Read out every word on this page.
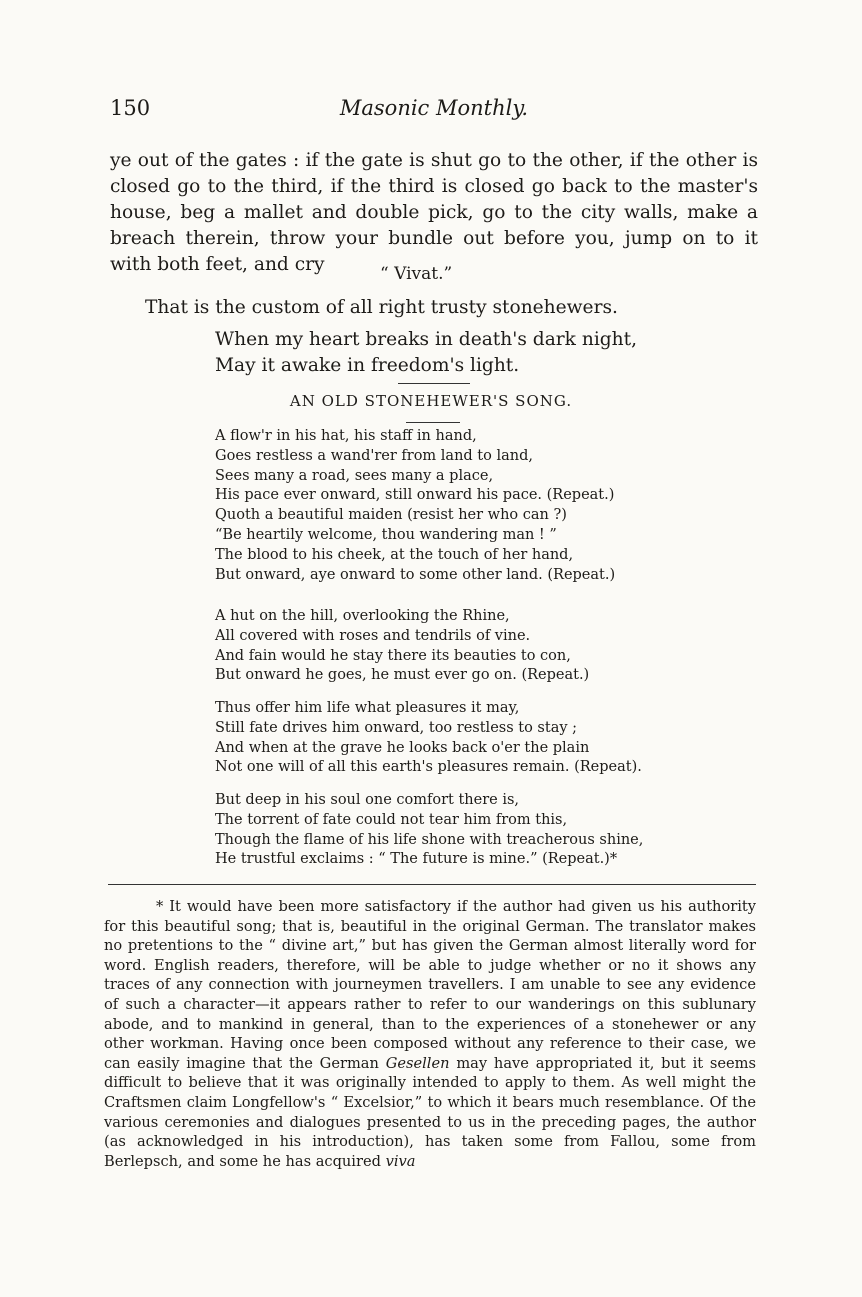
150	Masonic Monthly.

ye out of the gates : if the gate is shut go to the other, if the other is closed go to the third, if the third is closed go back to the master's house, beg a mallet and double pick, go to the city walls, make a breach therein, throw your bundle out before you, jump on to it with both feet, and cry	“ Vivat.”
That is the custom of all right trusty stonehewers.
When my heart breaks in death's dark night,
May it awake in freedom's light.
AN OLD STONEHEWER'S SONG.
A flow'r in his hat, his staff in hand,
Goes restless a wand'rer from land to land,
Sees many a road, sees many a place,
His pace ever onward, still onward his pace. (Repeat.)
Quoth a beautiful maiden (resist her who can ?)
“Be heartily welcome, thou wandering man ! ”
The blood to his cheek, at the touch of her hand,
But onward, aye onward to some other land. (Repeat.)
A hut on the hill, overlooking the Rhine,
All covered with roses and tendrils of vine.
And fain would he stay there its beauties to con,
But onward he goes, he must ever go on. (Repeat.)
Thus offer him life what pleasures it may,
Still fate drives him onward, too restless to stay ;
And when at the grave he looks back o'er the plain
Not one will of all this earth's pleasures remain. (Repeat).
But deep in his soul one comfort there is,
The torrent of fate could not tear him from this,
Though the flame of his life shone with treacherous shine,
He trustful exclaims : “ The future is mine.” (Repeat.)*

* It would have been more satisfactory if the author had given us his authority for this beautiful song; that is, beautiful in the original German. The translator makes no pretentions to the “ divine art,” but has given the German almost literally word for word. English readers, therefore, will be able to judge whether or no it shows any traces of any connection with journeymen travellers. I am unable to see any evidence of such a character—it appears rather to refer to our wanderings on this sublunary abode, and to mankind in general, than to the experiences of a stonehewer or any other workman. Having once been composed without any reference to their case, we can easily imagine that the German Gesellen may have appropriated it, but it seems difficult to believe that it was originally intended to apply to them. As well might the Craftsmen claim Longfellow's “ Excelsior,” to which it bears much resemblance. Of the various ceremonies and dialogues presented to us in the preceding pages, the author (as acknowledged in his introduction), has taken some from Fallou, some from Berlepsch, and some he has acquired viva
